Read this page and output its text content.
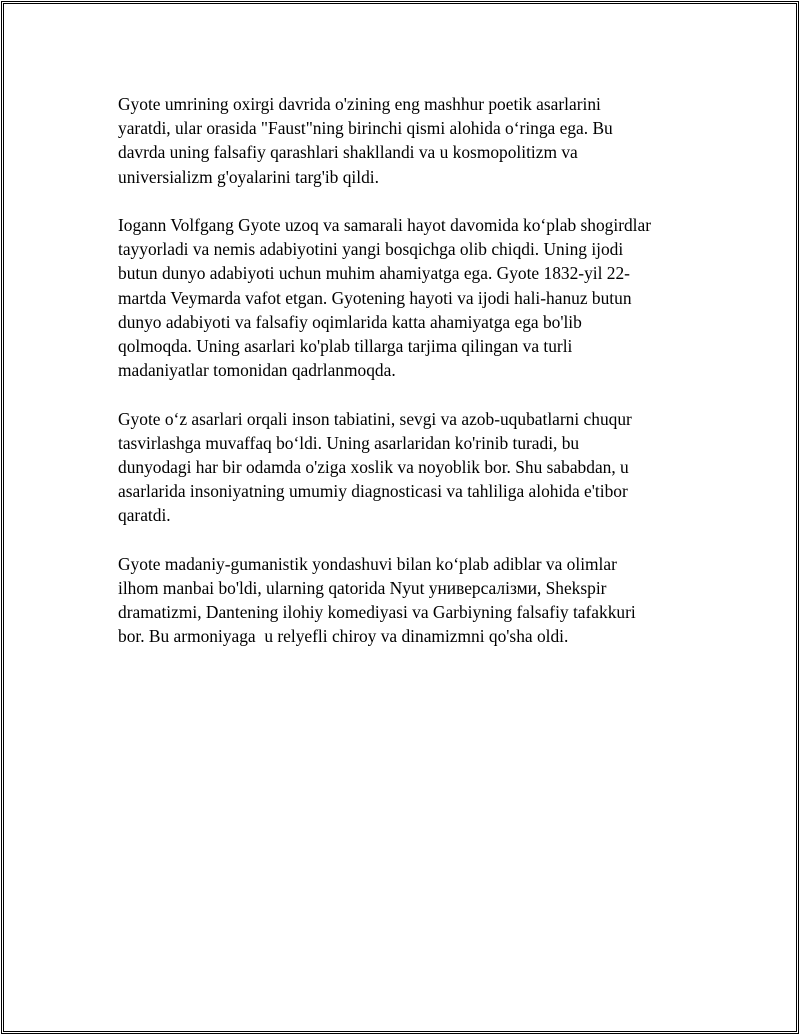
Gyote umrining oxirgi davrida o'zining eng mashhur poetik asarlarini
yaratdi, ular orasida "Faust"ning birinchi qismi alohida o‘ringa ega. Bu
davrda uning falsafiy qarashlari shakllandi va u kosmopolitizm va
universializm g'oyalarini targ'ib qildi.

Iogann Volfgang Gyote uzoq va samarali hayot davomida ko‘plab shogirdlar
tayyorladi va nemis adabiyotini yangi bosqichga olib chiqdi. Uning ijodi
butun dunyo adabiyoti uchun muhim ahamiyatga ega. Gyote 1832-yil 22-
martda Veymarda vafot etgan. Gyotening hayoti va ijodi hali-hanuz butun
dunyo adabiyoti va falsafiy oqimlarida katta ahamiyatga ega bo'lib
qolmoqda. Uning asarlari ko'plab tillarga tarjima qilingan va turli
madaniyatlar tomonidan qadrlanmoqda.

Gyote o‘z asarlari orqali inson tabiatini, sevgi va azob-uqubatlarni chuqur
tasvirlashga muvaffaq bo‘ldi. Uning asarlaridan ko'rinib turadi, bu
dunyodagi har bir odamda o'ziga xoslik va noyoblik bor. Shu sababdan, u
asarlarida insoniyatning umumiy diagnosticasi va tahliliga alohida e'tibor
qaratdi.

Gyote madaniy-gumanistik yondashuvi bilan ko‘plab adiblar va olimlar
ilhom manbai bo'ldi, ularning qatorida Nyut универсалізми, Shekspir
dramatizmi, Dantening ilohiy komediyasi va Garbiyning falsafiy tafakkuri
bor. Bu armoniyaga  u relyefli chiroy va dinamizmni qo'sha oldi.
